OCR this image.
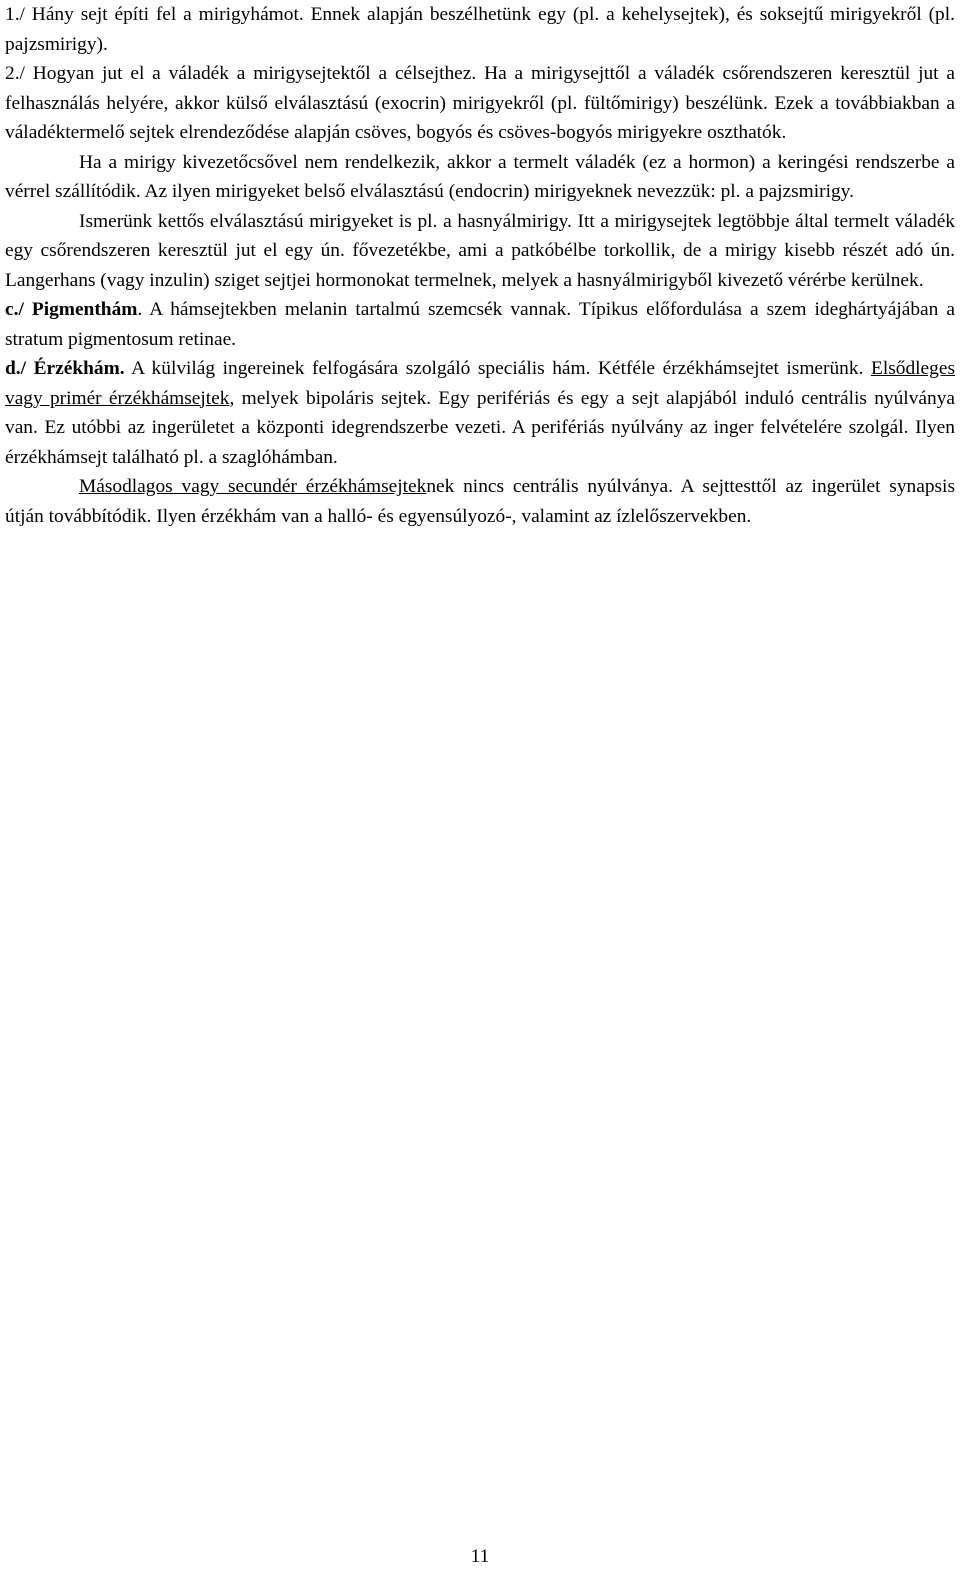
1./ Hány sejt építi fel a mirigyhámot. Ennek alapján beszélhetünk egy (pl. a kehelysejtek), és soksejtű mirigyekről (pl. pajzsmirigy).

2./ Hogyan jut el a váladék a mirigysejtektől a célsejthez. Ha a mirigysejttől a váladék csőrendszeren keresztül jut a felhasználás helyére, akkor külső elválasztású (exocrin) mirigyekről (pl. fültőmirigy) beszélünk. Ezek a továbbiakban a váladéktermelő sejtek elrendeződése alapján csöves, bogyós és csöves-bogyós mirigyekre oszthatók.

Ha a mirigy kivezetőcsővel nem rendelkezik, akkor a termelt váladék (ez a hormon) a keringési rendszerbe a vérrel szállítódik. Az ilyen mirigyeket belső elválasztású (endocrin) mirigyeknek nevezzük: pl. a pajzsmirigy.

Ismerünk kettős elválasztású mirigyeket is pl. a hasnyálmirigy. Itt a mirigysejtek legtöbbje által termelt váladék egy csőrendszeren keresztül jut el egy ún. fővezetékbe, ami a patkóbélbe torkollik, de a mirigy kisebb részét adó ún. Langerhans (vagy inzulin) sziget sejtjei hormonokat termelnek, melyek a hasnyálmirigyből kivezető vérérbe kerülnek.

c./ Pigmenthám. A hámsejtekben melanin tartalmú szemcsék vannak. Típikus előfordulása a szem ideghártyájában a stratum pigmentosum retinae.

d./ Érzékhám. A külvilág ingereinek felfogására szolgáló speciális hám. Kétféle érzékhámsejtet ismerünk. Elsődleges vagy primér érzékhámsejtek, melyek bipoláris sejtek. Egy perifériás és egy a sejt alapjából induló centrális nyúlványa van. Ez utóbbi az ingerületet a központi idegrendszerbe vezeti. A perifériás nyúlvány az inger felvételére szolgál. Ilyen érzékhámsejt található pl. a szaglóhámban.

Másodlagos vagy secundér érzékhámsejteknek nincs centrális nyúlványa. A sejttesttől az ingerület synapsis útján továbbítódik. Ilyen érzékhám van a halló- és egyensúlyozó-, valamint az ízlelőszervekben.

11
